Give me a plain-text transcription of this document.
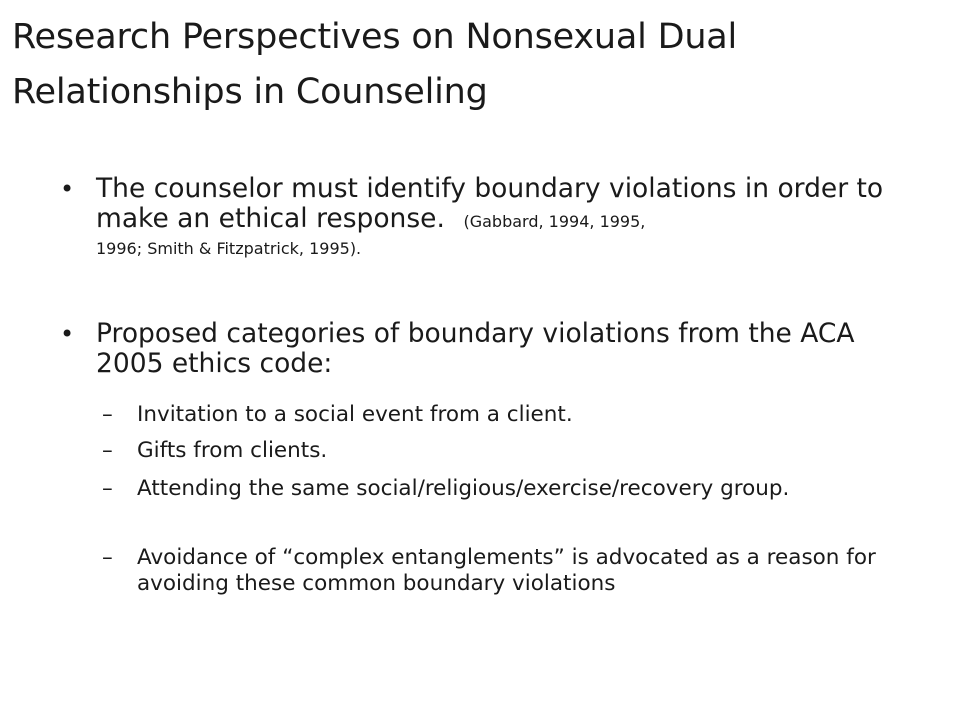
Research Perspectives on Nonsexual Dual
Relationships in Counseling
• The counselor must identify boundary violations in order to make an ethical response. (Gabbard, 1994, 1995,
1996; Smith & Fitzpatrick, 1995).
• Proposed categories of boundary violations from the ACA 2005 ethics code:
– Invitation to a social event from a client.
– Gifts from clients.
– Attending the same social/religious/exercise/recovery group.
– Avoidance of “complex entanglements” is advocated as a reason for avoiding these common boundary violations
